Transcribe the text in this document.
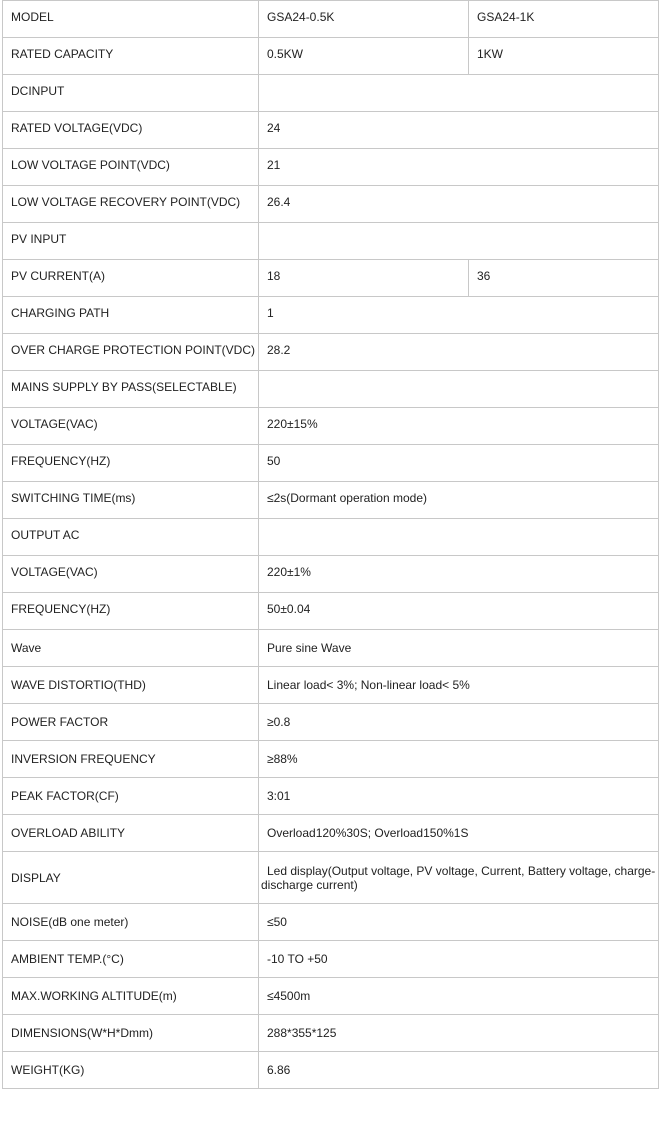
MODEL	GSA24-0.5K	GSA24-1K

RATED CAPACITY	0.5KW	1KW

DCINPUT		

RATED VOLTAGE(VDC)	24	

LOW VOLTAGE POINT(VDC)	21	

LOW VOLTAGE RECOVERY POINT(VDC)	26.4	

PV INPUT		

PV CURRENT(A)	18	36

CHARGING PATH	1	

OVER CHARGE PROTECTION POINT(VDC)	28.2	

MAINS SUPPLY BY PASS(SELECTABLE)		

VOLTAGE(VAC)	220±15%	

FREQUENCY(HZ)	50	

SWITCHING TIME(ms)	≤2s(Dormant operation mode)	

OUTPUT AC		

VOLTAGE(VAC)	220±1%	

FREQUENCY(HZ)	50±0.04	

Wave	Pure sine Wave	

WAVE DISTORTIO(THD)	Linear load< 3%; Non-linear load< 5%	

POWER FACTOR	≥0.8	

INVERSION FREQUENCY	≥88%	

PEAK FACTOR(CF)	3:01	

OVERLOAD ABILITY	Overload120%30S; Overload150%1S	

DISPLAY	Led display(Output voltage, PV voltage, Current, Battery voltage, charge-
discharge current)	

NOISE(dB one meter)	≤50	

AMBIENT TEMP.(°C)	-10 TO +50	

MAX.WORKING ALTITUDE(m)	≤4500m	

DIMENSIONS(W*H*Dmm)	288*355*125	

WEIGHT(KG)	6.86	
